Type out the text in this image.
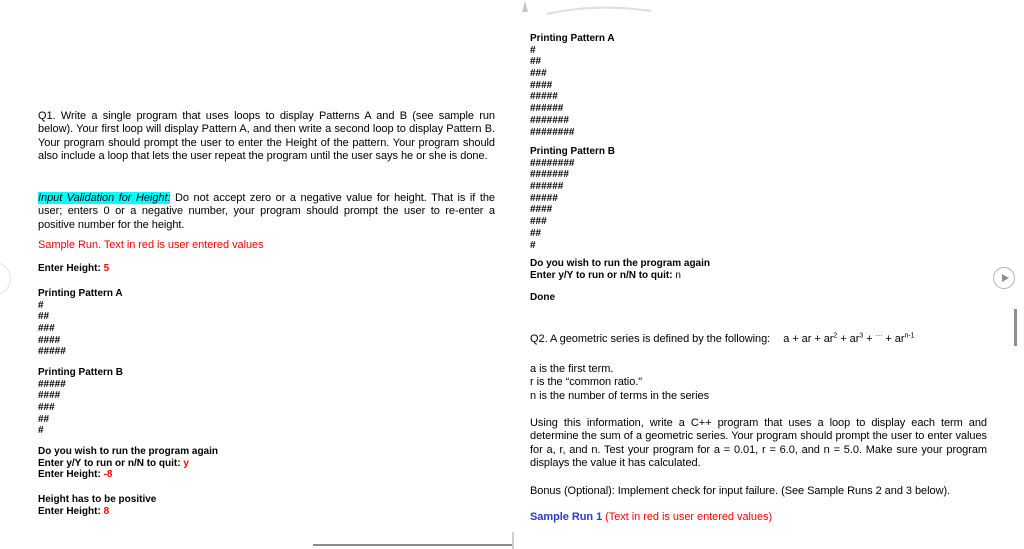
Q1. Write a single program that uses loops to display Patterns A and B (see sample run below). Your first loop will display Pattern A, and then write a second loop to display Pattern B. Your program should prompt the user to enter the Height of the pattern. Your program should also include a loop that lets the user repeat the program until the user says he or she is done.
Input Validation for Height: Do not accept zero or a negative value for height. That is if the user; enters 0 or a negative number, your program should prompt the user to re-enter a positive number for the height.
Sample Run. Text in red is user entered values
Enter Height: 5
Printing Pattern A
#
##
###
####
#####
Printing Pattern B
#####
####
###
##
#
Do you wish to run the program again
Enter y/Y to run or n/N to quit: y
Enter Height: -8
Height has to be positive
Enter Height: 8
Printing Pattern A
#
##
###
####
#####
######
#######
########
Printing Pattern B
########
#######
######
#####
####
###
##
#
Do you wish to run the program again
Enter y/Y to run or n/N to quit: n
Done
Q2. A geometric series is defined by the following: a + ar + $ar^2 + ar^3 + ^{\cdot\cdot\cdot} + ar^{n-1}$
a is the first term.
r is the “common ratio."
n is the number of terms in the series
Using this information, write a C++ program that uses a loop to display each term and determine the sum of a geometric series. Your program should prompt the user to enter values for a, r, and n. Test your program for a = 0.01, r = 6.0, and n = 5.0. Make sure your program displays the value it has calculated.
Bonus (Optional): Implement check for input failure. (See Sample Runs 2 and 3 below).
Sample Run 1 (Text in red is user entered values)
